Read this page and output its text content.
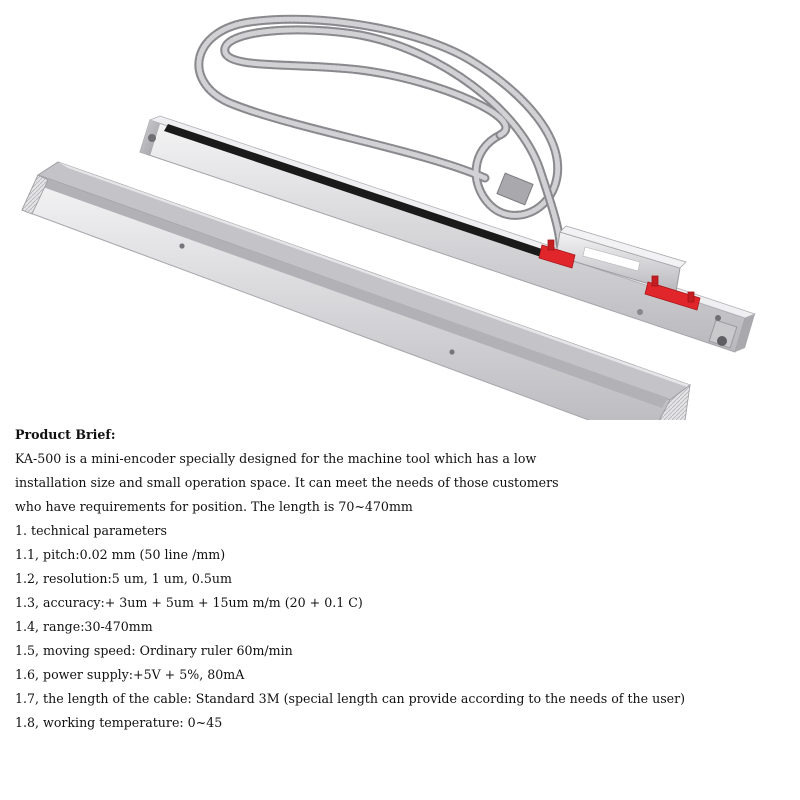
Product Brief:
KA-500 is a mini-encoder specially designed for the machine tool which has a low
installation size and small operation space. It can meet the needs of those customers
who have requirements for position. The length is 70~470mm
1. technical parameters
1.1, pitch:0.02 mm (50 line /mm)
1.2, resolution:5 um, 1 um, 0.5um
1.3, accuracy:+ 3um + 5um + 15um m/m (20 + 0.1 C)
1.4, range:30-470mm
1.5, moving speed: Ordinary ruler 60m/min
1.6, power supply:+5V + 5%, 80mA
1.7, the length of the cable: Standard 3M (special length can provide according to the needs of the user)
1.8, working temperature: 0~45
